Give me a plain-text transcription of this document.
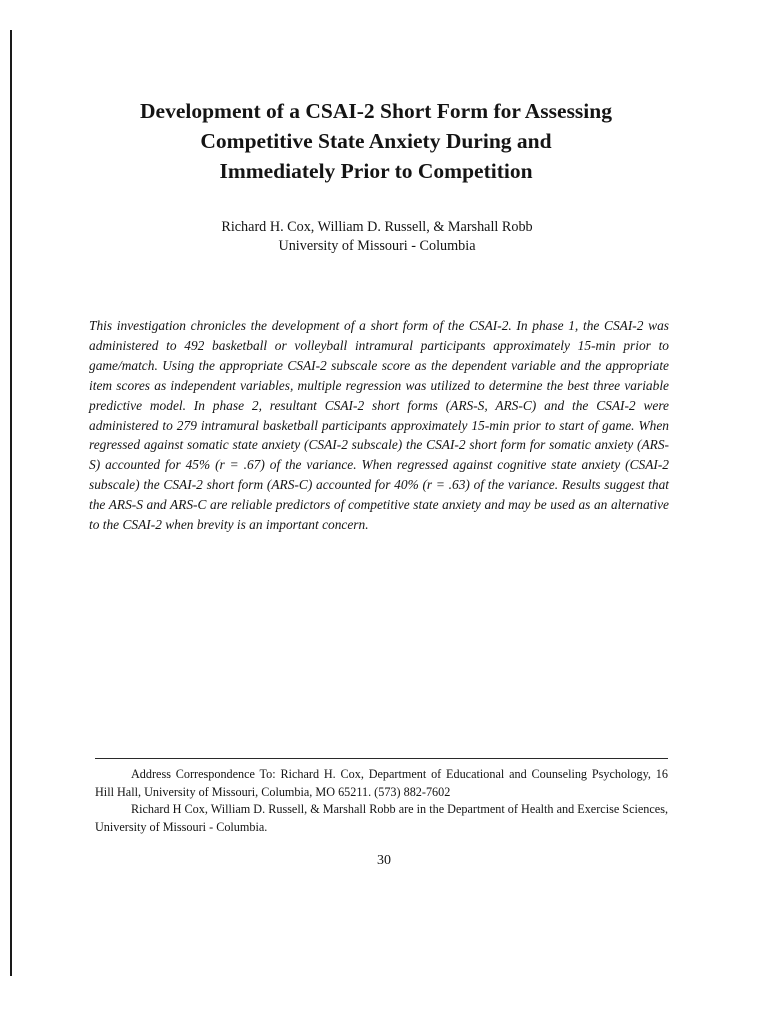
Development of a CSAI-2 Short Form for Assessing
Competitive State Anxiety During and
Immediately Prior to Competition
Richard H. Cox, William D. Russell, & Marshall Robb
University of Missouri - Columbia

This investigation chronicles the development of a short form of the CSAI-2. In phase 1, the CSAI-2 was administered to 492 basketball or volleyball intramural participants approximately 15-min prior to game/match. Using the appropriate CSAI-2 subscale score as the dependent variable and the appropriate item scores as independent variables, multiple regression was utilized to determine the best three variable predictive model. In phase 2, resultant CSAI-2 short forms (ARS-S, ARS-C) and the CSAI-2 were administered to 279 intramural basketball participants approximately 15-min prior to start of game. When regressed against somatic state anxiety (CSAI-2 subscale) the CSAI-2 short form for somatic anxiety (ARS-S) accounted for 45% (r = .67) of the variance. When regressed against cognitive state anxiety (CSAI-2 subscale) the CSAI-2 short form (ARS-C) accounted for 40% (r = .63) of the variance. Results suggest that the ARS-S and ARS-C are reliable predictors of competitive state anxiety and may be used as an alternative to the CSAI-2 when brevity is an important concern.

Address Correspondence To: Richard H. Cox, Department of Educational and Counseling Psychology, 16 Hill Hall, University of Missouri, Columbia, MO 65211. (573) 882-7602

Richard H Cox, William D. Russell, & Marshall Robb are in the Department of Health and Exercise Sciences, University of Missouri - Columbia.

30
